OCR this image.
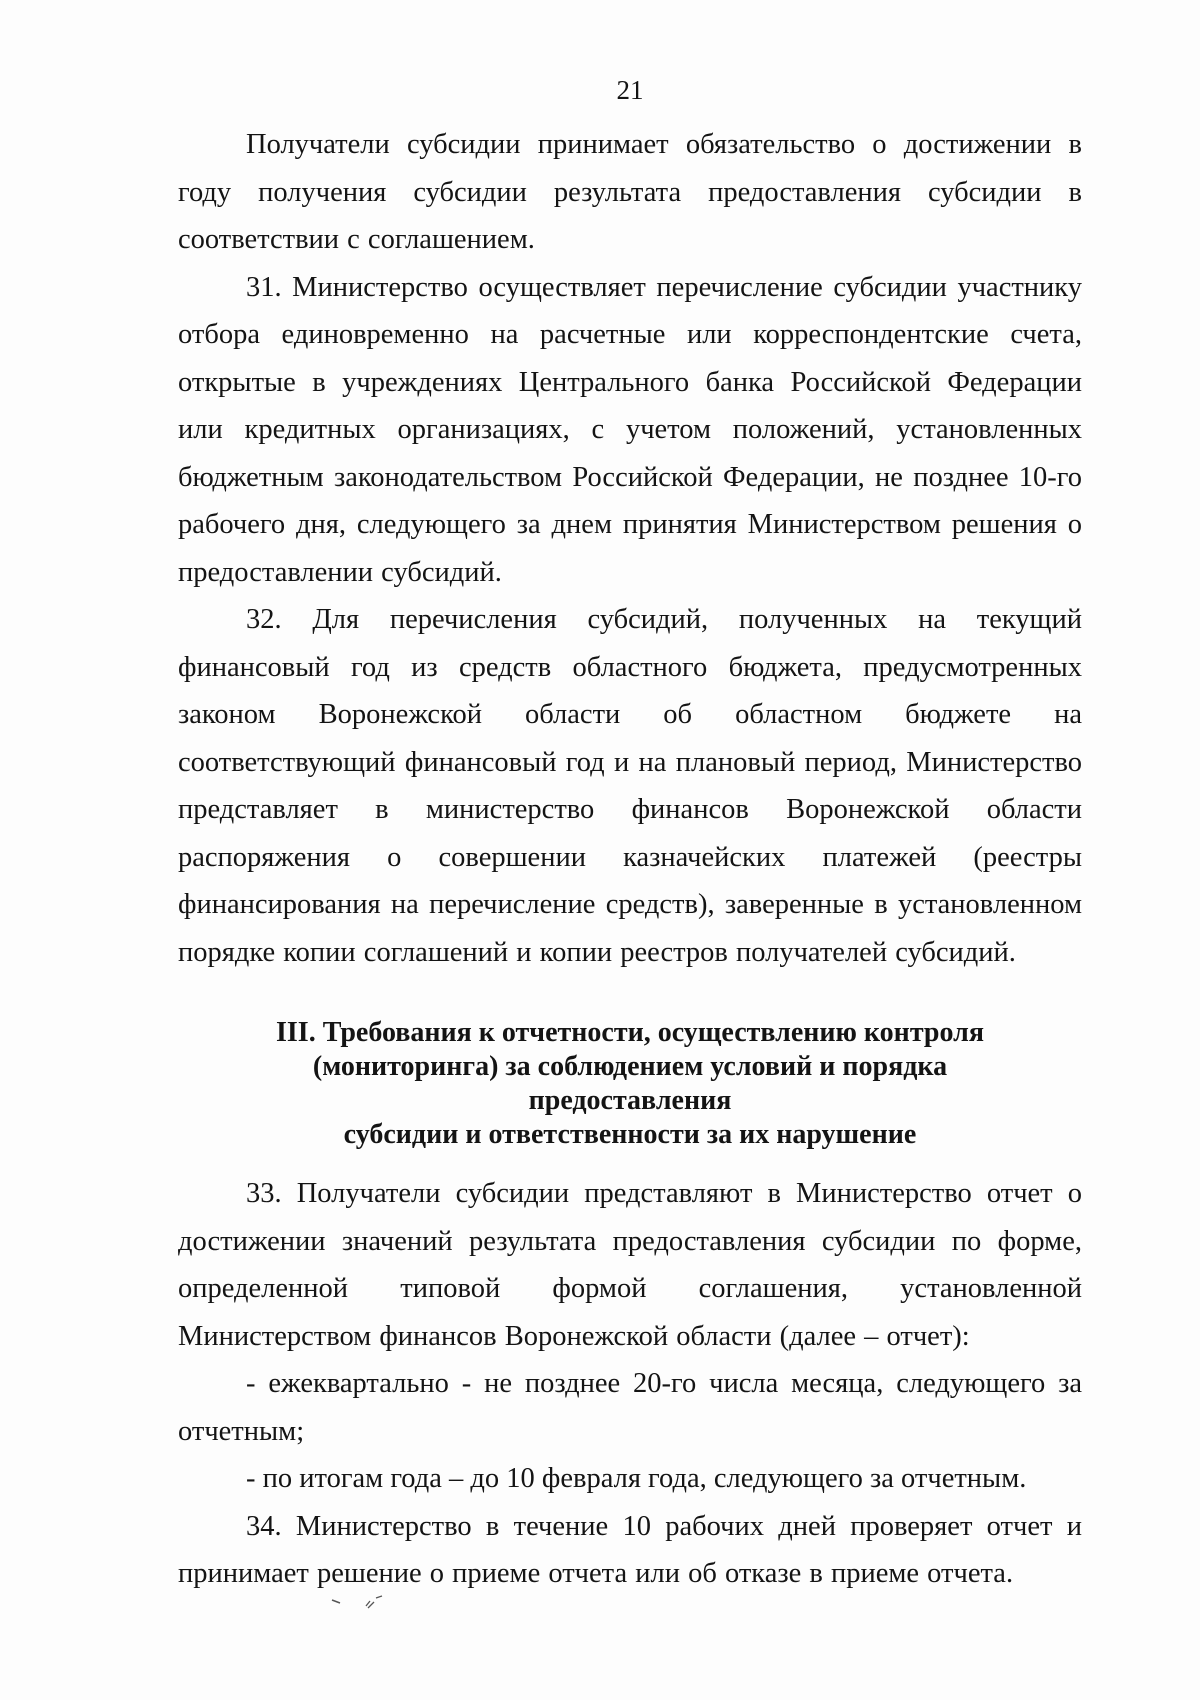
21

Получатели субсидии принимает обязательство о достижении в году получения субсидии результата предоставления субсидии в соответствии с соглашением.

31. Министерство осуществляет перечисление субсидии участнику отбора единовременно на расчетные или корреспондентские счета, открытые в учреждениях Центрального банка Российской Федерации или кредитных организациях, с учетом положений, установленных бюджетным законодательством Российской Федерации, не позднее 10-го рабочего дня, следующего за днем принятия Министерством решения о предоставлении субсидий.

32. Для перечисления субсидий, полученных на текущий финансовый год из средств областного бюджета, предусмотренных законом Воронежской области об областном бюджете на соответствующий финансовый год и на плановый период, Министерство представляет в министерство финансов Воронежской области распоряжения о совершении казначейских платежей (реестры финансирования на перечисление средств), заверенные в установленном порядке копии соглашений и копии реестров получателей субсидий.

III. Требования к отчетности, осуществлению контроля
(мониторинга) за соблюдением условий и порядка предоставления
субсидии и ответственности за их нарушение

33. Получатели субсидии представляют в Министерство отчет о достижении значений результата предоставления субсидии по форме, определенной типовой формой соглашения, установленной Министерством финансов Воронежской области (далее – отчет):

- ежеквартально - не позднее 20-го числа месяца, следующего за отчетным;

- по итогам года – до 10 февраля года, следующего за отчетным.

34. Министерство в течение 10 рабочих дней проверяет отчет и принимает решение о приеме отчета или об отказе в приеме отчета.
